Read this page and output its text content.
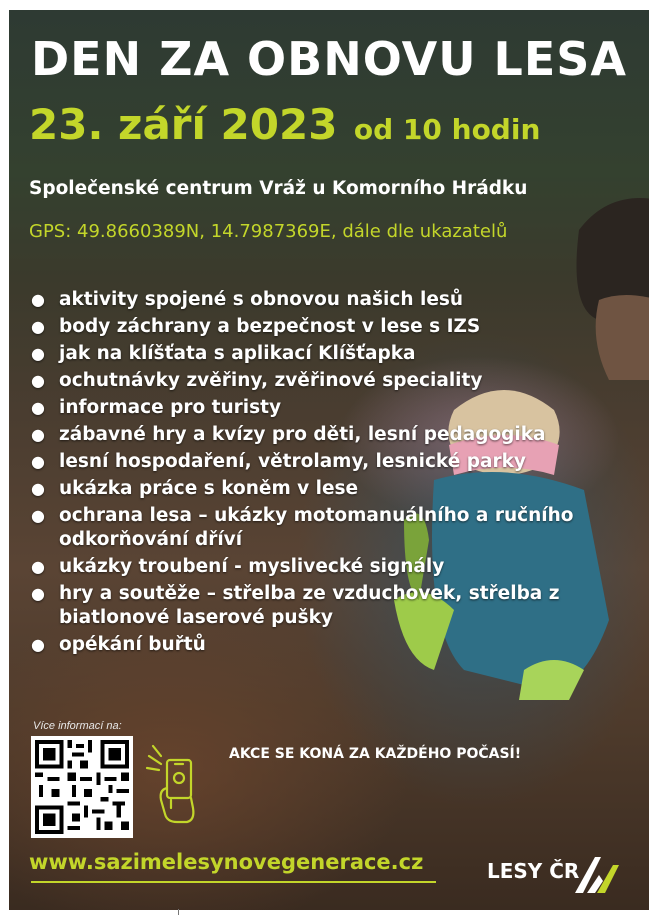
DEN ZA OBNOVU LESA
23. září 2023 od 10 hodin
Společenské centrum Vráž u Komorního Hrádku
GPS: 49.8660389N, 14.7987369E, dále dle ukazatelů
● aktivity spojené s obnovou našich lesů
● body záchrany a bezpečnost v lese s IZS
● jak na klíšťata s aplikací Klíšťapka
● ochutnávky zvěřiny, zvěřinové speciality
● informace pro turisty
● zábavné hry a kvízy pro děti, lesní pedagogika
● lesní hospodaření, větrolamy, lesnické parky
● ukázka práce s koněm v lese
● ochrana lesa – ukázky motomanuálního a ručního odkorňování dříví
● ukázky troubení - myslivecké signály
● hry a soutěže – střelba ze vzduchovek, střelba z biatlonové laserové pušky
● opékání buřtů
Více informací na:
AKCE SE KONÁ ZA KAŽDÉHO POČASÍ!
www.sazimelesynovegenerace.cz	LESY ČR
